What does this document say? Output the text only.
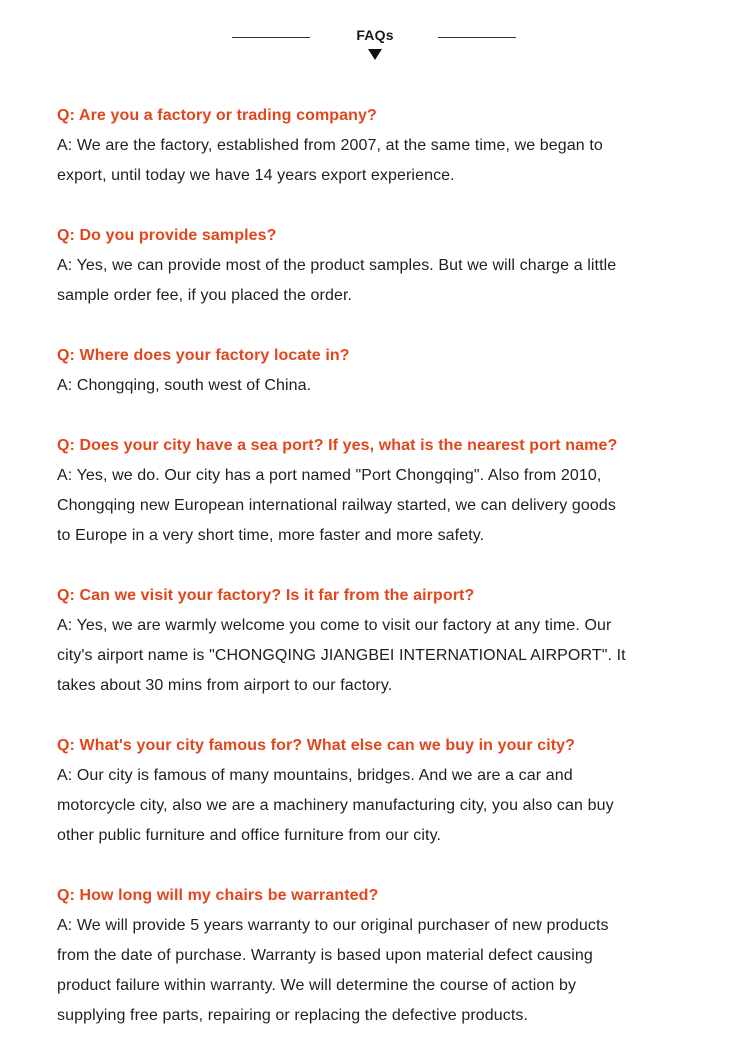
FAQs
Q: Are you a factory or trading company?
A: We are the factory, established from 2007, at the same time, we began to
export, until today we have 14 years export experience.
Q: Do you provide samples?
A: Yes, we can provide most of the product samples. But we will charge a little
sample order fee, if you placed the order.
Q: Where does your factory locate in?
A: Chongqing, south west of China.
Q: Does your city have a sea port? If yes, what is the nearest port name?
A: Yes, we do. Our city has a port named "Port Chongqing". Also from 2010,
Chongqing new European international railway started, we can delivery goods
to Europe in a very short time, more faster and more safety.
Q: Can we visit your factory? Is it far from the airport?
A: Yes, we are warmly welcome you come to visit our factory at any time. Our
city's airport name is "CHONGQING JIANGBEI INTERNATIONAL AIRPORT". It
takes about 30 mins from airport to our factory.
Q: What's your city famous for? What else can we buy in your city?
A: Our city is famous of many mountains, bridges. And we are a car and
motorcycle city, also we are a machinery manufacturing city, you also can buy
other public furniture and office furniture from our city.
Q: How long will my chairs be warranted?
A: We will provide 5 years warranty to our original purchaser of new products
from the date of purchase. Warranty is based upon material defect causing
product failure within warranty. We will determine the course of action by
supplying free parts, repairing or replacing the defective products.
